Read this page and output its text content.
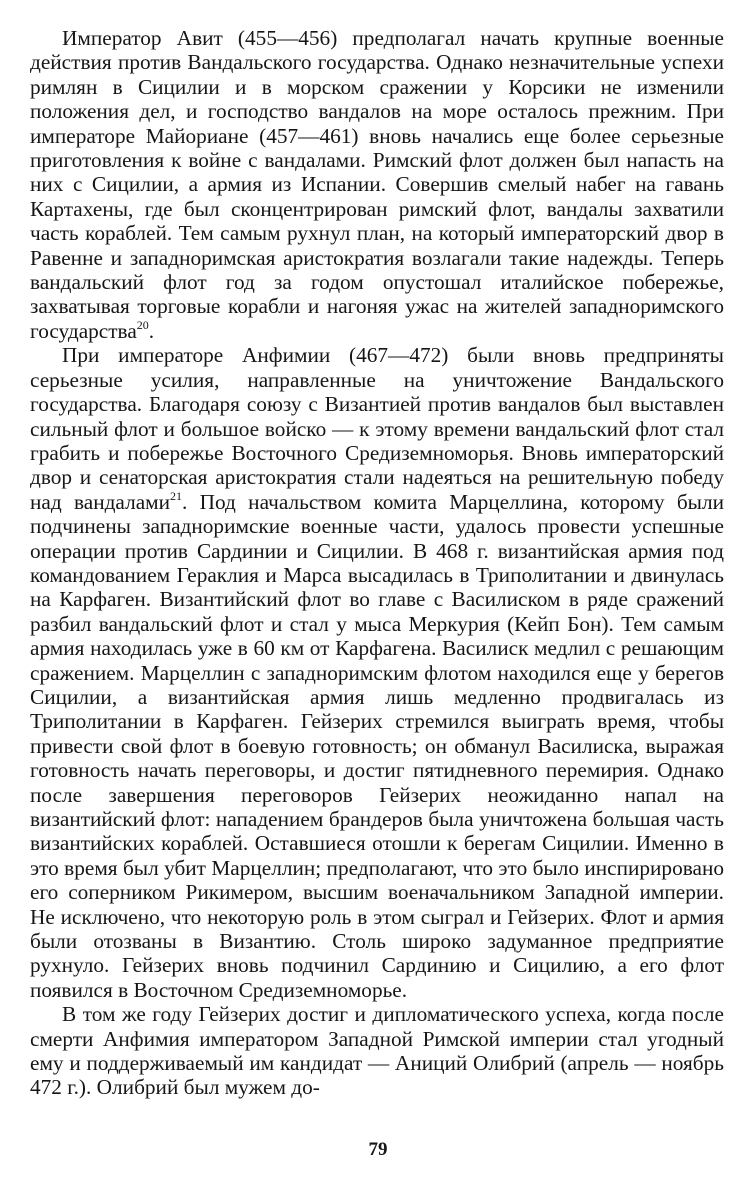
Император Авит (455—456) предполагал начать крупные военные действия против Вандальского государства. Однако незначительные успехи римлян в Сицилии и в морском сражении у Корсики не изменили положения дел, и господство вандалов на море осталось прежним. При императоре Майориане (457—461) вновь начались еще более серьезные приготовления к войне с вандалами. Римский флот должен был напасть на них с Сицилии, а армия из Испании. Совершив смелый набег на гавань Картахены, где был сконцентрирован римский флот, вандалы захватили часть кораблей. Тем самым рухнул план, на который императорский двор в Равенне и западноримская аристократия возлагали такие надежды. Теперь вандальский флот год за годом опустошал италийское побережье, захватывая торговые корабли и нагоняя ужас на жителей западноримского государства$^{20}$.

При императоре Анфимии (467—472) были вновь предприняты серьезные усилия, направленные на уничтожение Вандальского государства. Благодаря союзу с Византией против вандалов был выставлен сильный флот и большое войско — к этому времени вандальский флот стал грабить и побережье Восточного Средиземноморья. Вновь императорский двор и сенаторская аристократия стали надеяться на решительную победу над вандалами$^{21}$. Под начальством комита Марцеллина, которому были подчинены западноримские военные части, удалось провести успешные операции против Сардинии и Сицилии. В 468 г. византийская армия под командованием Гераклия и Марса высадилась в Триполитании и двинулась на Карфаген. Византийский флот во главе с Василиском в ряде сражений разбил вандальский флот и стал у мыса Меркурия (Кейп Бон). Тем самым армия находилась уже в 60 км от Карфагена. Василиск медлил с решающим сражением. Марцеллин с западноримским флотом находился еще у берегов Сицилии, а византийская армия лишь медленно продвигалась из Триполитании в Карфаген. Гейзерих стремился выиграть время, чтобы привести свой флот в боевую готовность; он обманул Василиска, выражая готовность начать переговоры, и достиг пятидневного перемирия. Однако после завершения переговоров Гейзерих неожиданно напал на византийский флот: нападением брандеров была уничтожена большая часть византийских кораблей. Оставшиеся отошли к берегам Сицилии. Именно в это время был убит Марцеллин; предполагают, что это было инспирировано его соперником Рикимером, высшим военачальником Западной империи. Не исключено, что некоторую роль в этом сыграл и Гейзерих. Флот и армия были отозваны в Византию. Столь широко задуманное предприятие рухнуло. Гейзерих вновь подчинил Сардинию и Сицилию, а его флот появился в Восточном Средиземноморье.

В том же году Гейзерих достиг и дипломатического успеха, когда после смерти Анфимия императором Западной Римской империи стал угодный ему и поддерживаемый им кандидат — Аниций Олибрий (апрель — ноябрь 472 г.). Олибрий был мужем до-

79
